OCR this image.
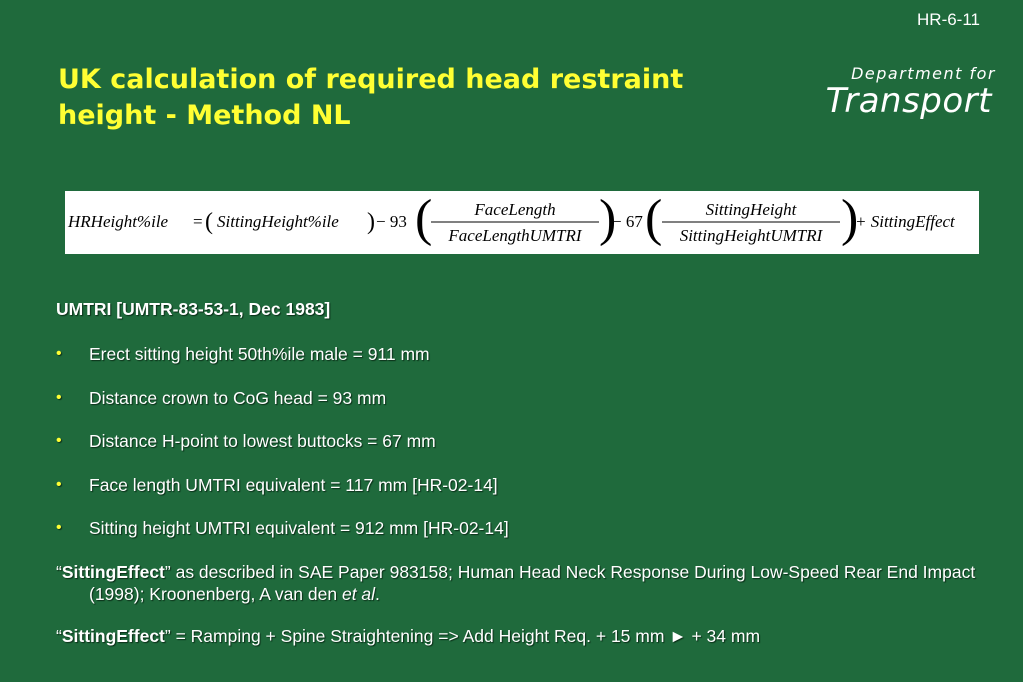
HR-6-11
UK calculation of required head restraint
height - Method NL
Department for
Transport
HRHeight%ile = ( SittingHeight%ile ) − 93 ( FaceLength
FaceLengthUMTRI )
− 67 (	SittingHeight
SittingHeightUMTRI )
+ SittingEffect
UMTRI [UMTR-83-53-1, Dec 1983]
• Erect sitting height 50th%ile male = 911 mm
• Distance crown to CoG head = 93 mm
• Distance H-point to lowest buttocks = 67 mm
• Face length UMTRI equivalent = 117 mm [HR-02-14]
• Sitting height UMTRI equivalent = 912 mm [HR-02-14]
“SittingEffect” as described in SAE Paper 983158; Human Head Neck Response During Low-Speed Rear End Impact (1998); Kroonenberg, A van den et al.
“SittingEffect” = Ramping + Spine Straightening => Add Height Req. + 15 mm ► + 34 mm
